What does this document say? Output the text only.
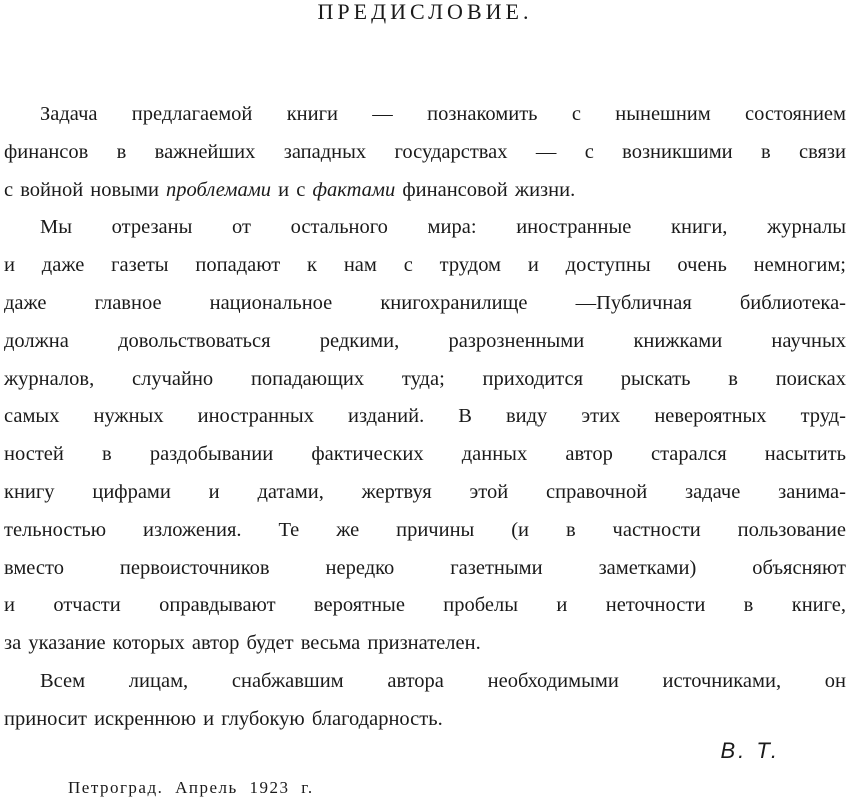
ПРЕДИСЛОВИЕ.
Задача предлагаемой книги — познакомить с нынешним состоянием
финансов в важнейших западных государствах — с возникшими в связи
с войной новыми проблемами и с фактами финансовой жизни.
Мы отрезаны от остального мира: иностранные книги, журналы
и даже газеты попадают к нам с трудом и доступны очень немногим;
даже главное национальное книгохранилище —Публичная библиотека-
должна довольствоваться редкими, разрозненными книжками научных
журналов, случайно попадающих туда; приходится рыскать в поисках
самых нужных иностранных изданий. В виду этих невероятных труд-
ностей в раздобывании фактических данных автор старался насытить
книгу цифрами и датами, жертвуя этой справочной задаче занима-
тельностью изложения. Те же причины (и в частности пользование
вместо первоисточников нередко газетными заметками) объясняют
и отчасти оправдывают вероятные пробелы и неточности в книге,
за указание которых автор будет весьма признателен.
Всем лицам, снабжавшим автора необходимыми источниками, он
приносит искреннюю и глубокую благодарность.
В. Т.
Петроград. Апрель 1923 г.
